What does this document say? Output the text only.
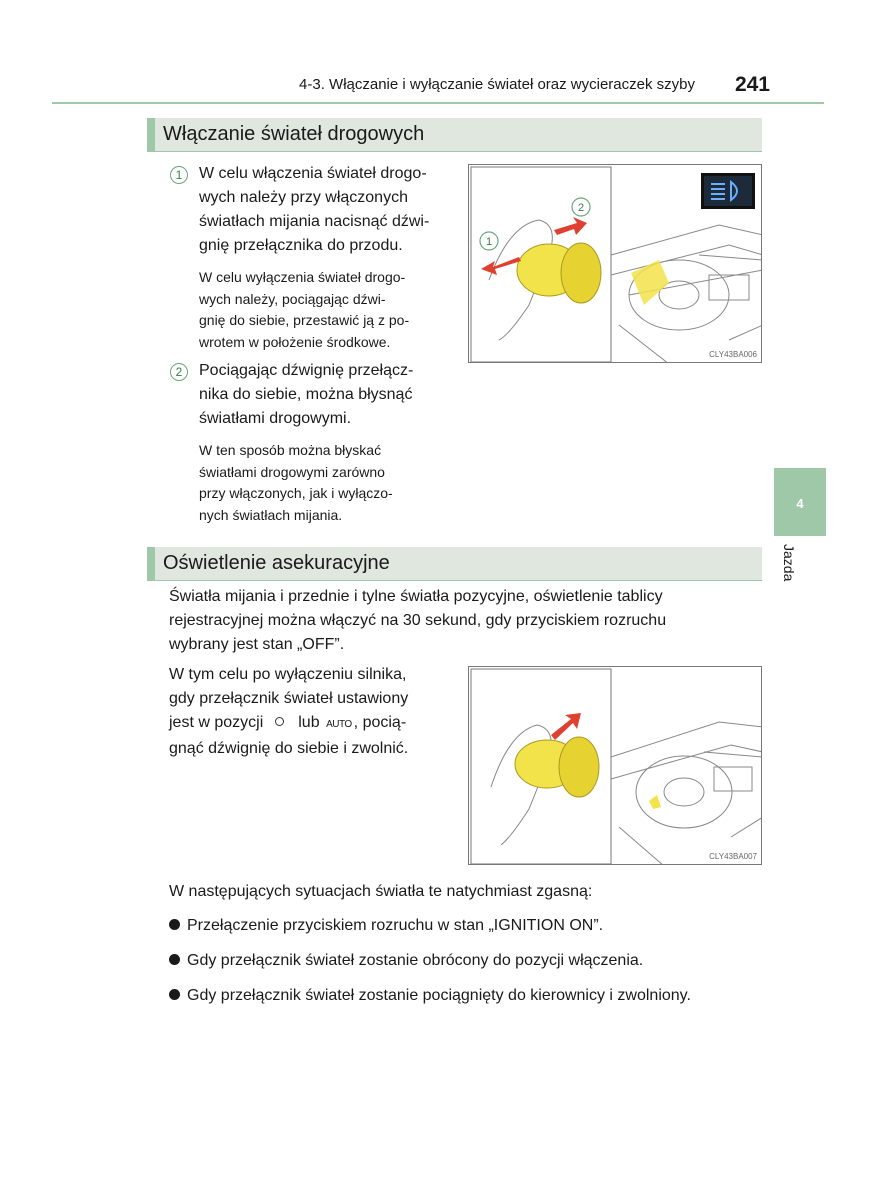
4-3. Włączanie i wyłączanie świateł oraz wycieraczek szyby	241
4
Jazda
Włączanie świateł drogowych
1	W celu włączenia świateł drogo-
wych należy przy włączonych
światłach mijania nacisnąć dźwi-
gnię przełącznika do przodu.
W celu wyłączenia świateł drogo-
wych należy, pociągając dźwi-
gnię do siebie, przestawić ją z po-
wrotem w położenie środkowe.
2	Pociągając dźwignię przełącz-
nika do siebie, można błysnąć
światłami drogowymi.
W ten sposób można błyskać
światłami drogowymi zarówno
przy włączonych, jak i wyłączo-
nych światłach mijania.
1
2
CLY43BA006
Oświetlenie asekuracyjne
Światła mijania i przednie i tylne światła pozycyjne, oświetlenie tablicy
rejestracyjnej można włączyć na 30 sekund, gdy przyciskiem rozruchu
wybrany jest stan „OFF”.
W tym celu po wyłączeniu silnika,
gdy przełącznik świateł ustawiony
jest w pozycji lub AUTO , pocią-
gnąć dźwignię do siebie i zwolnić.
CLY43BA007
W następujących sytuacjach światła te natychmiast zgasną:
Przełączenie przyciskiem rozruchu w stan „IGNITION ON”.
Gdy przełącznik świateł zostanie obrócony do pozycji włączenia.
Gdy przełącznik świateł zostanie pociągnięty do kierownicy i zwolniony.
